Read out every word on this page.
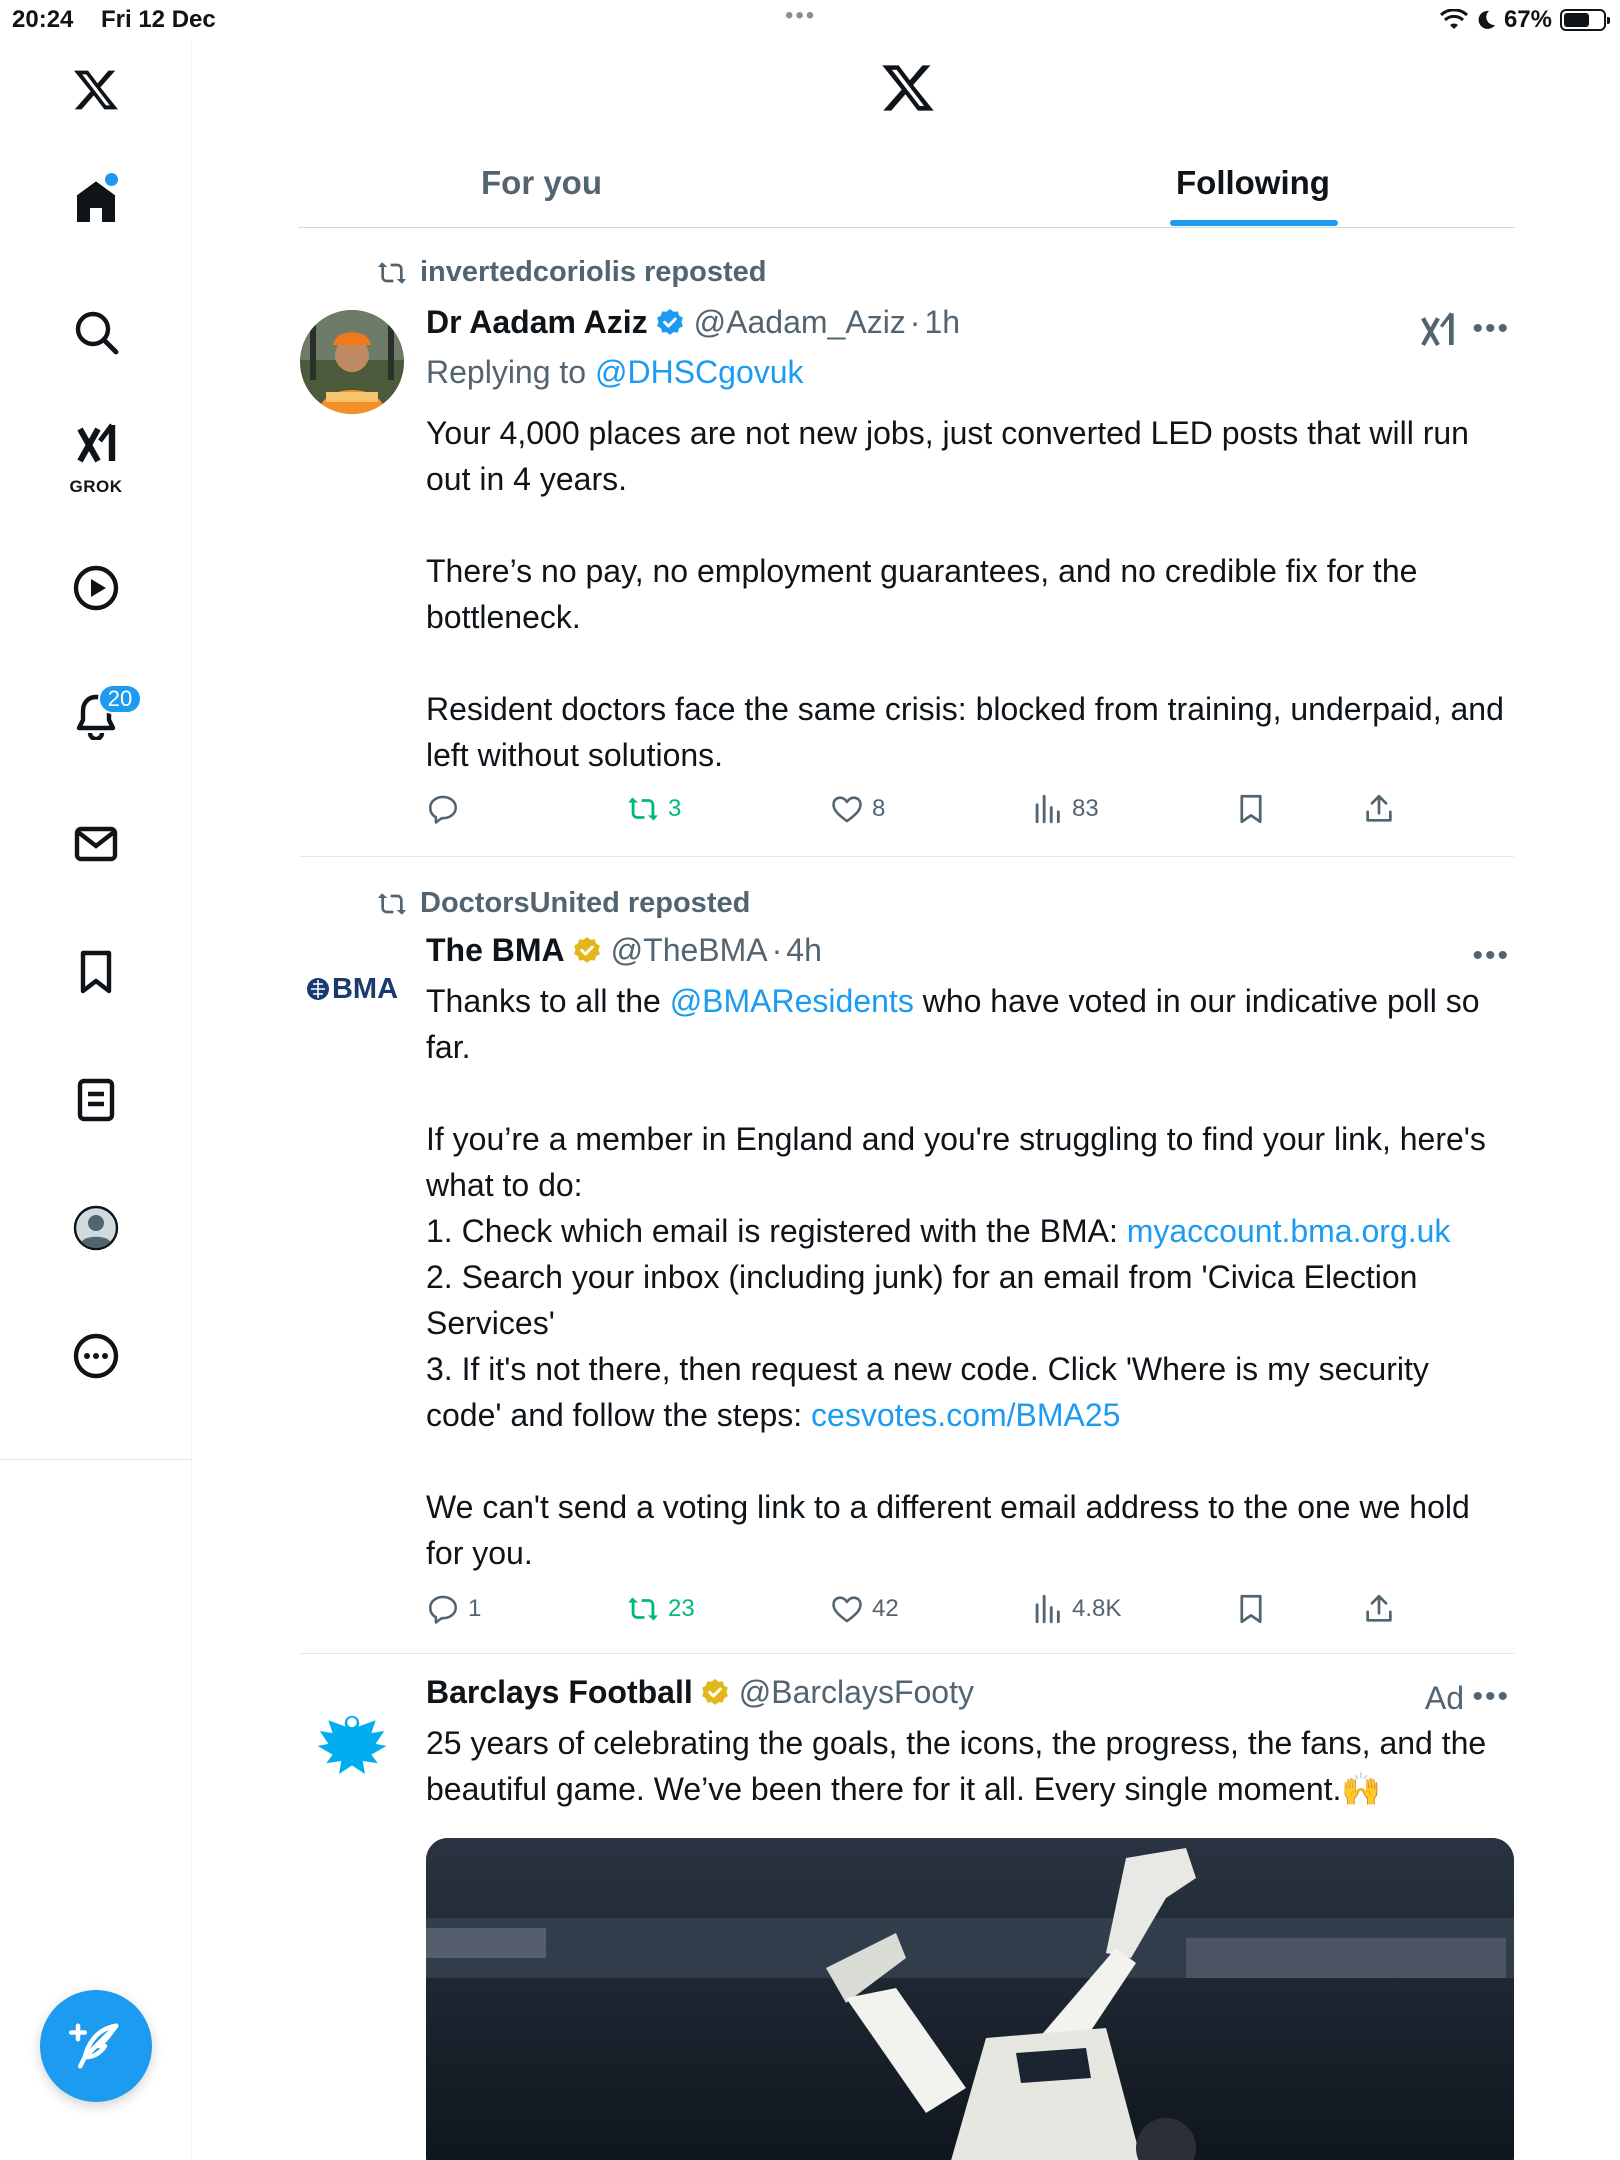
20:24 Fri 12 Dec	•••	67%
GROK
20
For you	Following
invertedcoriolis reposted
Dr Aadam Aziz @Aadam_Aziz · 1h	•••
Replying to @DHSCgovuk

Your 4,000 places are not new jobs, just converted LED posts that will run out in 4 years.

There’s no pay, no employment guarantees, and no credible fix for the bottleneck.

Resident doctors face the same crisis: blocked from training, underpaid, and left without solutions.

3	8	83
DoctorsUnited reposted
BMA
The BMA @TheBMA · 4h	•••

Thanks to all the @BMAResidents who have voted in our indicative poll so far.

If you’re a member in England and you're struggling to find your link, here's what to do:

1. Check which email is registered with the BMA: myaccount.bma.org.uk

2. Search your inbox (including junk) for an email from 'Civica Election Services'

3. If it's not there, then request a new code. Click 'Where is my security code' and follow the steps: cesvotes.com/BMA25

We can't send a voting link to a different email address to the one we hold for you.

1	23	42	4.8K
Barclays Football @BarclaysFooty	Ad •••

25 years of celebrating the goals, the icons, the progress, the fans, and the beautiful game. We’ve been there for it all. Every single moment.🙌
